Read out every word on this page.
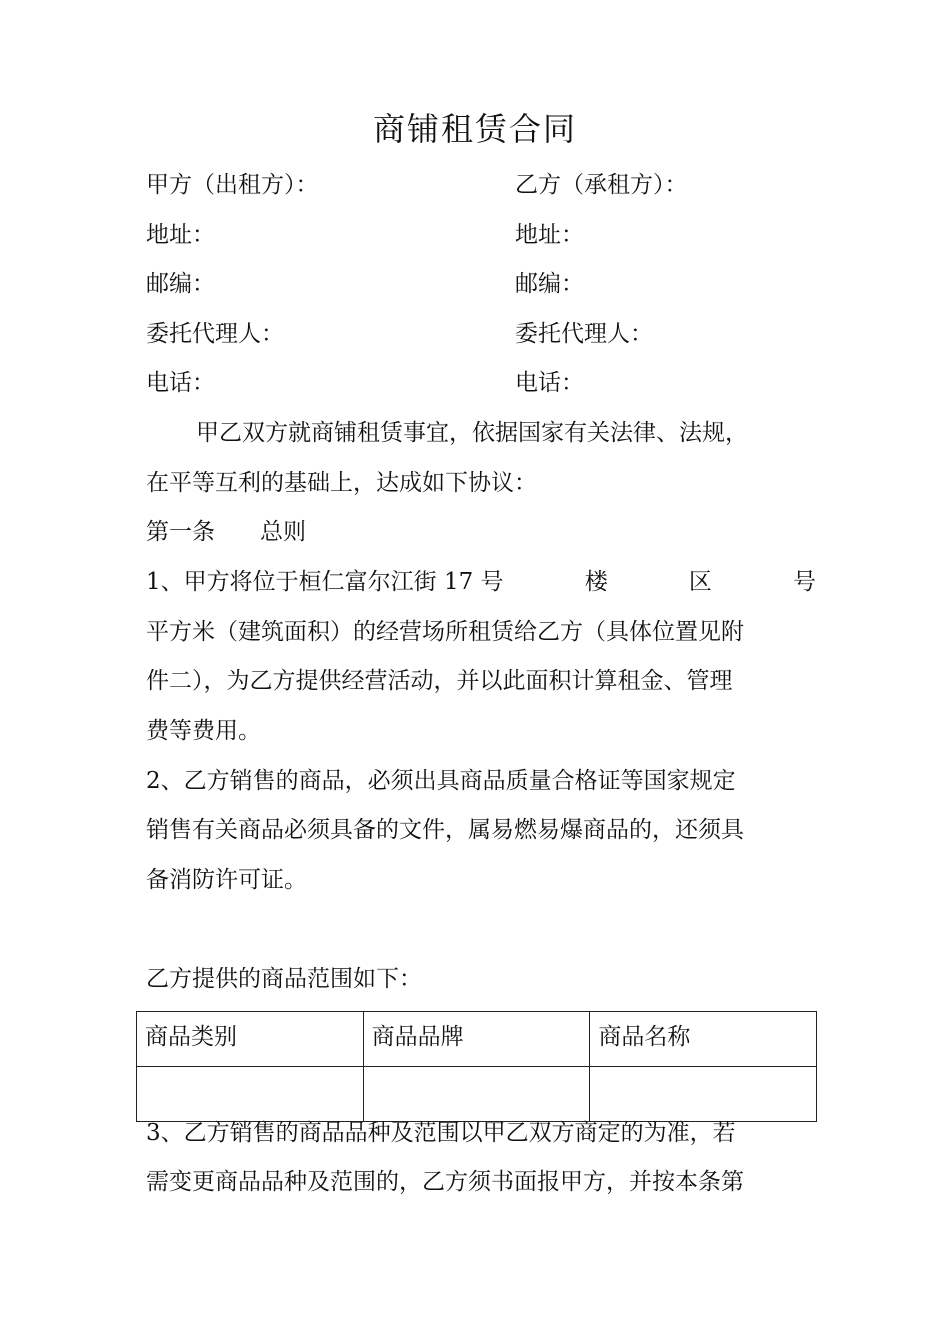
商铺租赁合同
甲方（出租方）：	乙方（承租方）：
地址：	地址：
邮编：	邮编：
委托代理人：	委托代理人：
电话：	电话：
甲乙双方就商铺租赁事宜，依据国家有关法律、法规，
在平等互利的基础上，达成如下协议：
第一条 总则
1、甲方将位于桓仁富尔江街 17 号	楼	区	号
平方米（建筑面积）的经营场所租赁给乙方（具体位置见附
件二），为乙方提供经营活动，并以此面积计算租金、管理
费等费用。
2、乙方销售的商品，必须出具商品质量合格证等国家规定
销售有关商品必须具备的文件，属易燃易爆商品的，还须具
备消防许可证。
乙方提供的商品范围如下：
商品类别	商品品牌	商品名称

3、乙方销售的商品品种及范围以甲乙双方商定的为准，若
需变更商品品种及范围的，乙方须书面报甲方，并按本条第
